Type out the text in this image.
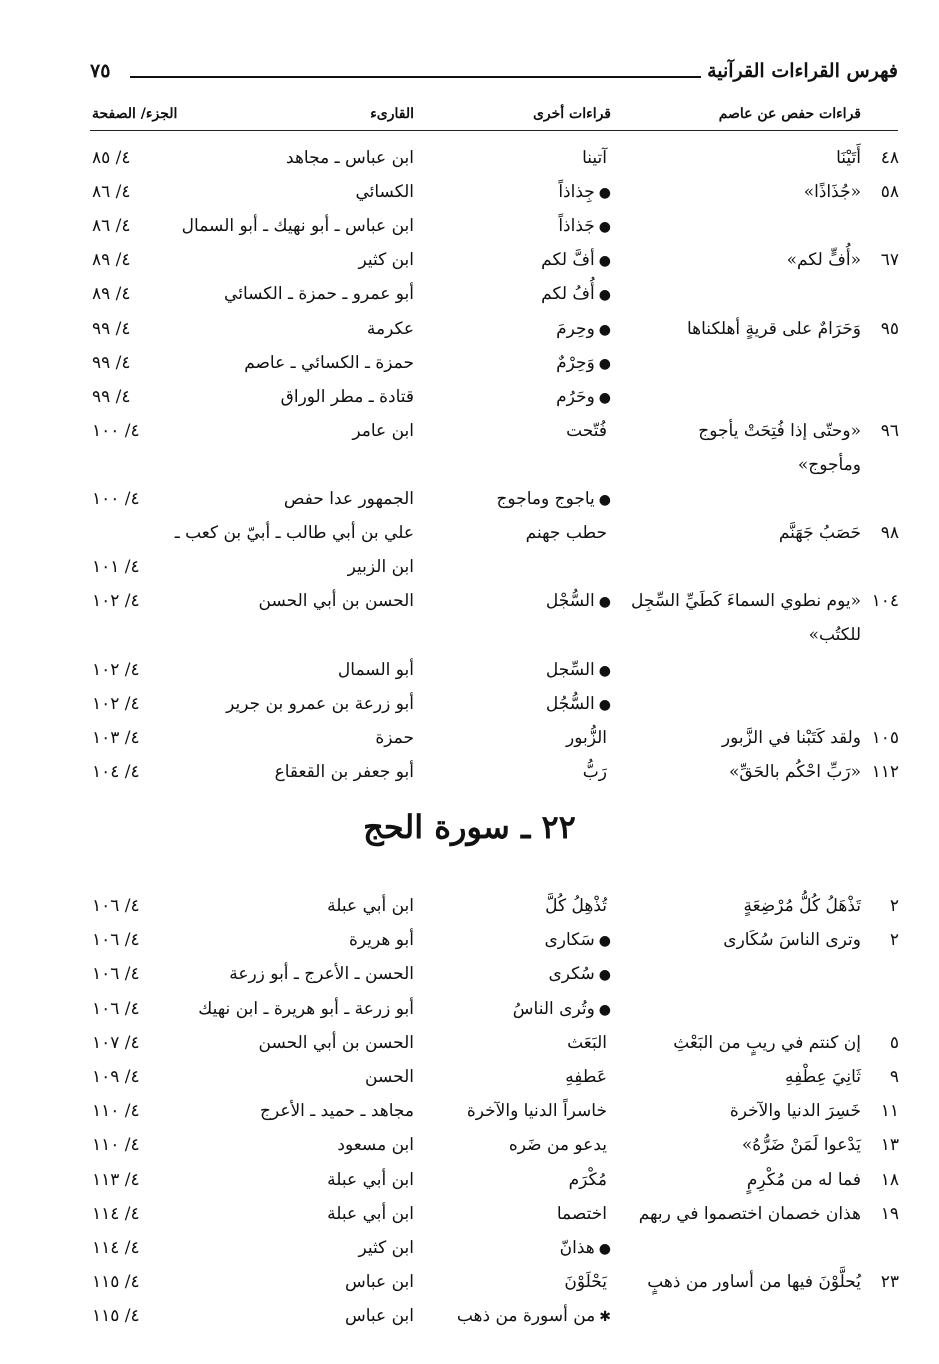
فهرس القراءات القرآنية
٧٥
قراءات حفص عن عاصم
قراءات أخرى
القارىء
الجزء/ الصفحة
٤٨
أَتَيْنَا
آتينا
ابن عباس ـ مجاهد
٤/ ٨٥
٥٨
«جُذَاذًا»
●جِذاذاً
الكسائي
٤/ ٨٦
●جَذاذاً
ابن عباس ـ أبو نهيك ـ أبو السمال
٤/ ٨٦
٦٧
«أُفٍّ لكم»
●أفَّ لكم
ابن كثير
٤/ ٨٩
●أُفُ لكم
أبو عمرو ـ حمزة ـ الكسائي
٤/ ٨٩
٩٥
وَحَرَامٌ على قريةٍ أهلكناها
●وحِرمَ
عكرمة
٤/ ٩٩
●وَحِرْمٌ
حمزة ـ الكسائي ـ عاصم
٤/ ٩٩
●وحَرُم
قتادة ـ مطر الوراق
٤/ ٩٩
٩٦
«وحتّى إذا فُتِحَتْ يأجوج
فُتّحت
ابن عامر
٤/ ١٠٠
ومأجوج»
●ياجوج وماجوج
الجمهور عدا حفص
٤/ ١٠٠
٩٨
حَصَبُ جَهَنَّم
حطب جهنم
علي بن أبي طالب ـ أبيّ بن كعب ـ
ابن الزبير
٤/ ١٠١
١٠٤
«يوم نطوي السماءَ كَطَيِّ السِّجِل
●السُّجْل
الحسن بن أبي الحسن
٤/ ١٠٢
للكتُب»
●السِّجل
أبو السمال
٤/ ١٠٢
●السُّجُل
أبو زرعة بن عمرو بن جرير
٤/ ١٠٢
١٠٥
ولقد كَتَبْنا في الزَّبور
الزُّبور
حمزة
٤/ ١٠٣
١١٢
«رَبِّ احْكُم بالحَقِّ»
رَبُّ
أبو جعفر بن القعقاع
٤/ ١٠٤
٢٢ ـ سورة الحج
٢
تَذْهَلُ كُلُّ مُرْضِعَةٍ
تُذْهِلُ كُلَّ
ابن أبي عبلة
٤/ ١٠٦
٢
وترى الناسَ سُكَارى
●سَكارى
أبو هريرة
٤/ ١٠٦
●سُكرى
الحسن ـ الأعرج ـ أبو زرعة
٤/ ١٠٦
●وتُرى الناسُ
أبو زرعة ـ أبو هريرة ـ ابن نهيك
٤/ ١٠٦
٥
إن كنتم في ريبٍ من البَعْثِ
البَعَث
الحسن بن أبي الحسن
٤/ ١٠٧
٩
ثَانِيَ عِطْفِهِ
عَطفِهِ
الحسن
٤/ ١٠٩
١١
خَسِرَ الدنيا والآخرة
خاسراً الدنيا والآخرة
مجاهد ـ حميد ـ الأعرج
٤/ ١١٠
١٣
يَدْعوا لَمَنْ ضَرُّهُ»
يدعو من ضَره
ابن مسعود
٤/ ١١٠
١٨
فما له من مُكْرِمٍ
مُكْرَم
ابن أبي عبلة
٤/ ١١٣
١٩
هذان خصمان اختصموا في ربهم
اختصما
ابن أبي عبلة
٤/ ١١٤
●هذانّ
ابن كثير
٤/ ١١٤
٢٣
يُحلَّوْنَ فيها من أساور من ذهبٍ
يَحْلَوْنَ
ابن عباس
٤/ ١١٥
✱من أسورة من ذهب
ابن عباس
٤/ ١١٥
